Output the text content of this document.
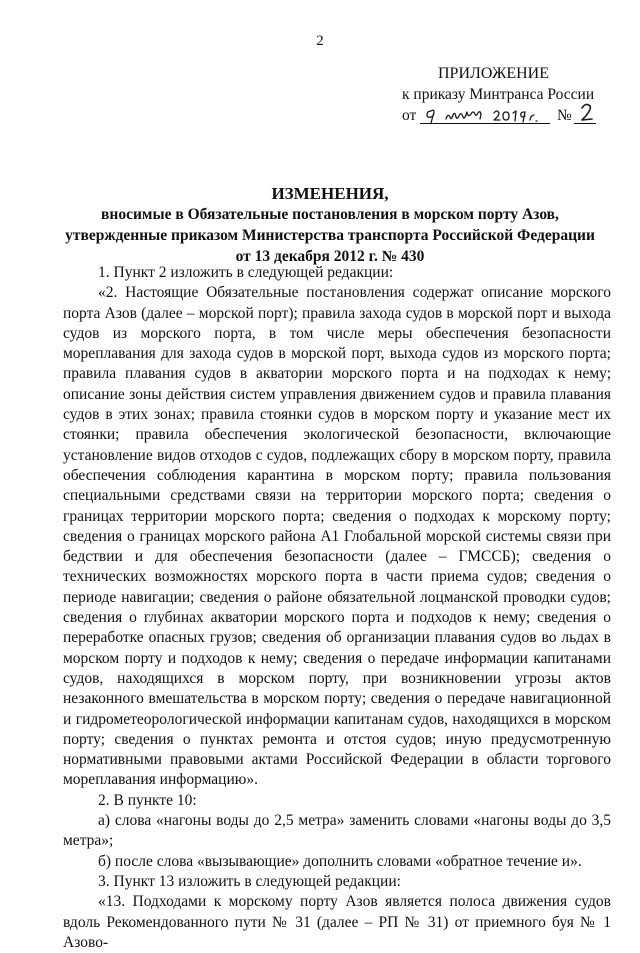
2
ПРИЛОЖЕНИЕ
к приказу Минтранса России
от	№
ИЗМЕНЕНИЯ,
вносимые в Обязательные постановления в морском порту Азов,
утвержденные приказом Министерства транспорта Российской Федерации
от 13 декабря 2012 г. № 430

1. Пункт 2 изложить в следующей редакции:

«2. Настоящие Обязательные постановления содержат описание морского порта Азов (далее – морской порт); правила захода судов в морской порт и выхода судов из морского порта, в том числе меры обеспечения безопасности мореплавания для захода судов в морской порт, выхода судов из морского порта; правила плавания судов в акватории морского порта и на подходах к нему; описание зоны действия систем управления движением судов и правила плавания судов в этих зонах; правила стоянки судов в морском порту и указание мест их стоянки; правила обеспечения экологической безопасности, включающие установление видов отходов с судов, подлежащих сбору в морском порту, правила обеспечения соблюдения карантина в морском порту; правила пользования специальными средствами связи на территории морского порта; сведения о границах территории морского порта; сведения о подходах к морскому порту; сведения о границах морского района А1 Глобальной морской системы связи при бедствии и для обеспечения безопасности (далее – ГМССБ); сведения о технических возможностях морского порта в части приема судов; сведения о периоде навигации; сведения о районе обязательной лоцманской проводки судов; сведения о глубинах акватории морского порта и подходов к нему; сведения о переработке опасных грузов; сведения об организации плавания судов во льдах в морском порту и подходов к нему; сведения о передаче информации капитанами судов, находящихся в морском порту, при возникновении угрозы актов незаконного вмешательства в морском порту; сведения о передаче навигационной и гидрометеорологической информации капитанам судов, находящихся в морском порту; сведения о пунктах ремонта и отстоя судов; иную предусмотренную нормативными правовыми актами Российской Федерации в области торгового мореплавания информацию».

2. В пункте 10:

а) слова «нагоны воды до 2,5 метра» заменить словами «нагоны воды до 3,5 метра»;

б) после слова «вызывающие» дополнить словами «обратное течение и».

3. Пункт 13 изложить в следующей редакции:

«13. Подходами к морскому порту Азов является полоса движения судов вдоль Рекомендованного пути № 31 (далее – РП № 31) от приемного буя № 1 Азово-
